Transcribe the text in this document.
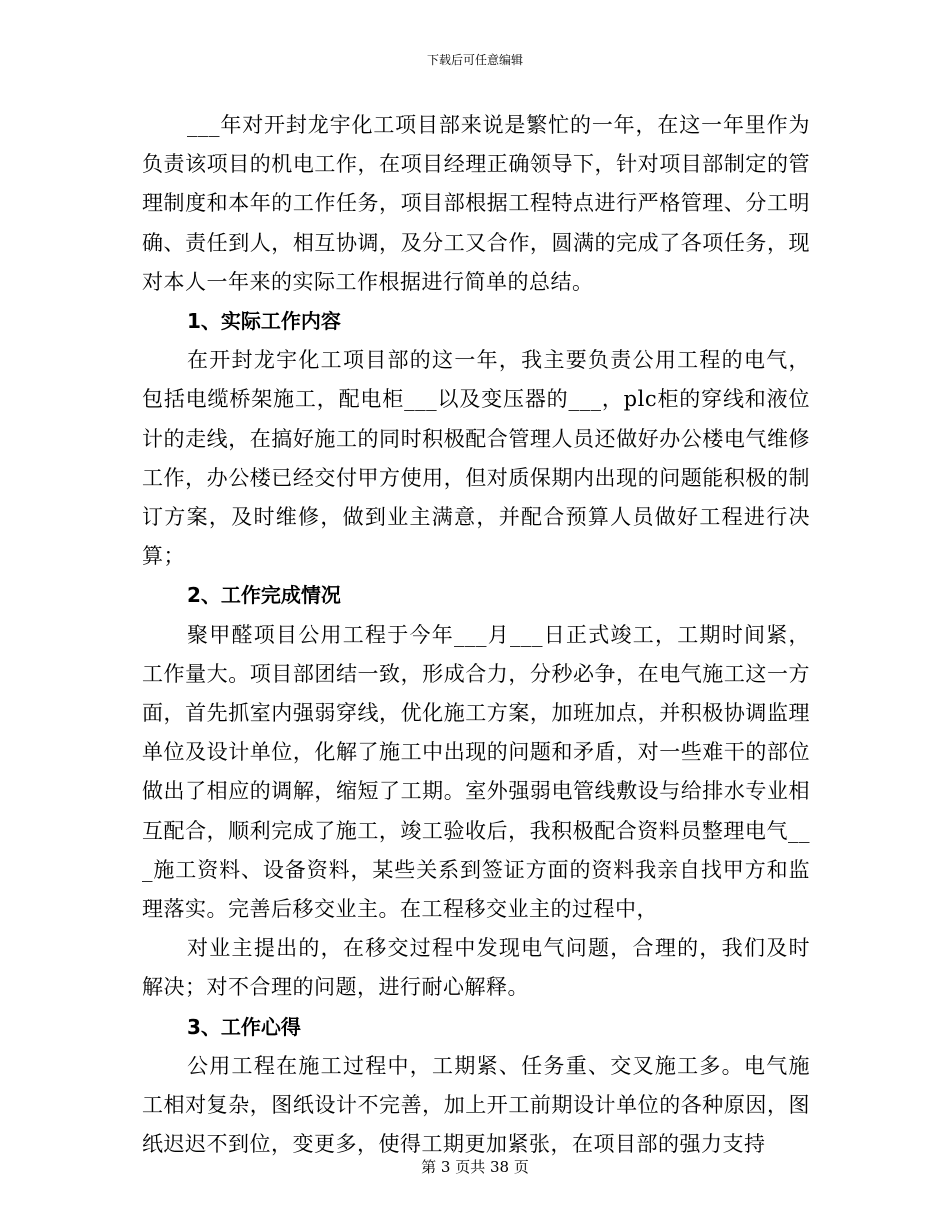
下载后可任意编辑

___年对开封龙宇化工项目部来说是繁忙的一年，在这一年里作为负责该项目的机电工作，在项目经理正确领导下，针对项目部制定的管理制度和本年的工作任务，项目部根据工程特点进行严格管理、分工明确、责任到人，相互协调，及分工又合作，圆满的完成了各项任务，现对本人一年来的实际工作根据进行简单的总结。

1、实际工作内容

在开封龙宇化工项目部的这一年，我主要负责公用工程的电气，包括电缆桥架施工，配电柜___以及变压器的___，plc柜的穿线和液位计的走线，在搞好施工的同时积极配合管理人员还做好办公楼电气维修工作，办公楼已经交付甲方使用，但对质保期内出现的问题能积极的制订方案，及时维修，做到业主满意，并配合预算人员做好工程进行决算；

2、工作完成情况

聚甲醛项目公用工程于今年___月___日正式竣工，工期时间紧，工作量大。项目部团结一致，形成合力，分秒必争，在电气施工这一方面，首先抓室内强弱穿线，优化施工方案，加班加点，并积极协调监理单位及设计单位，化解了施工中出现的问题和矛盾，对一些难干的部位做出了相应的调解，缩短了工期。室外强弱电管线敷设与给排水专业相互配合，顺利完成了施工，竣工验收后，我积极配合资料员整理电气___施工资料、设备资料，某些关系到签证方面的资料我亲自找甲方和监理落实。完善后移交业主。在工程移交业主的过程中，

对业主提出的，在移交过程中发现电气问题，合理的，我们及时解决；对不合理的问题，进行耐心解释。

3、工作心得

公用工程在施工过程中，工期紧、任务重、交叉施工多。电气施工相对复杂，图纸设计不完善，加上开工前期设计单位的各种原因，图纸迟迟不到位，变更多，使得工期更加紧张，在项目部的强力支持

第 3 页共 38 页
